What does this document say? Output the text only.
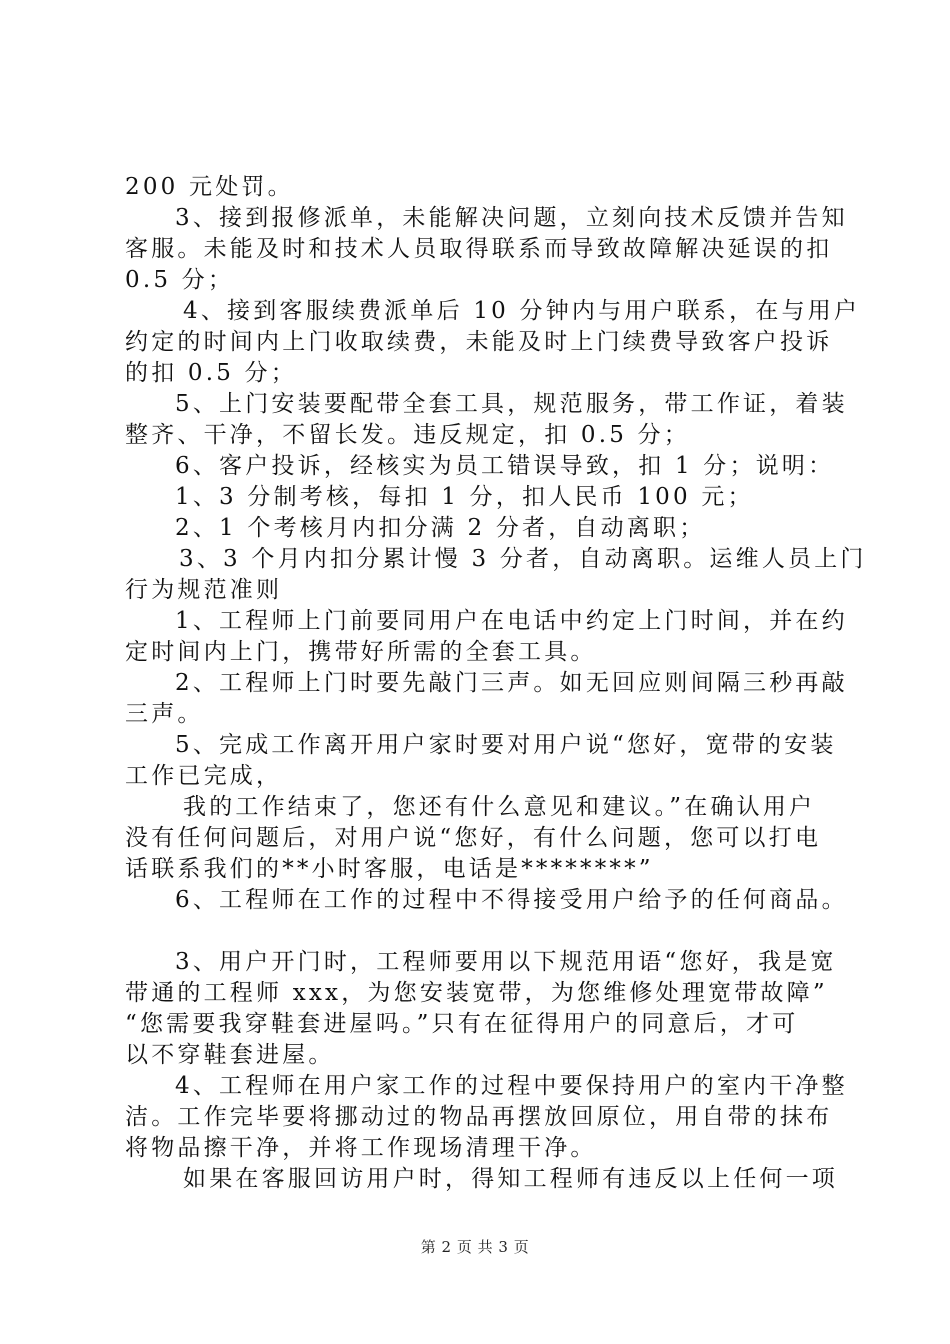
200 元处罚。
3、接到报修派单，未能解决问题，立刻向技术反馈并告知
客服。未能及时和技术人员取得联系而导致故障解决延误的扣
0.5 分；
4、接到客服续费派单后 10 分钟内与用户联系，在与用户
约定的时间内上门收取续费，未能及时上门续费导致客户投诉
的扣 0.5 分；
5、上门安装要配带全套工具，规范服务，带工作证，着装
整齐、干净，不留长发。违反规定，扣 0.5 分；
6、客户投诉，经核实为员工错误导致，扣 1 分；说明：
1、3 分制考核，每扣 1 分，扣人民币 100 元；
2、1 个考核月内扣分满 2 分者，自动离职；
3、3 个月内扣分累计慢 3 分者，自动离职。运维人员上门
行为规范准则
1、工程师上门前要同用户在电话中约定上门时间，并在约
定时间内上门，携带好所需的全套工具。
2、工程师上门时要先敲门三声。如无回应则间隔三秒再敲
三声。
5、完成工作离开用户家时要对用户说“您好，宽带的安装
工作已完成，
我的工作结束了，您还有什么意见和建议。”在确认用户
没有任何问题后，对用户说“您好，有什么问题，您可以打电
话联系我们的**小时客服，电话是********”
6、工程师在工作的过程中不得接受用户给予的任何商品。
3、用户开门时，工程师要用以下规范用语“您好，我是宽
带通的工程师 xxx，为您安装宽带，为您维修处理宽带故障”
“您需要我穿鞋套进屋吗。”只有在征得用户的同意后，才可
以不穿鞋套进屋。
4、工程师在用户家工作的过程中要保持用户的室内干净整
洁。工作完毕要将挪动过的物品再摆放回原位，用自带的抹布
将物品擦干净，并将工作现场清理干净。
如果在客服回访用户时，得知工程师有违反以上任何一项
第 2 页 共 3 页
